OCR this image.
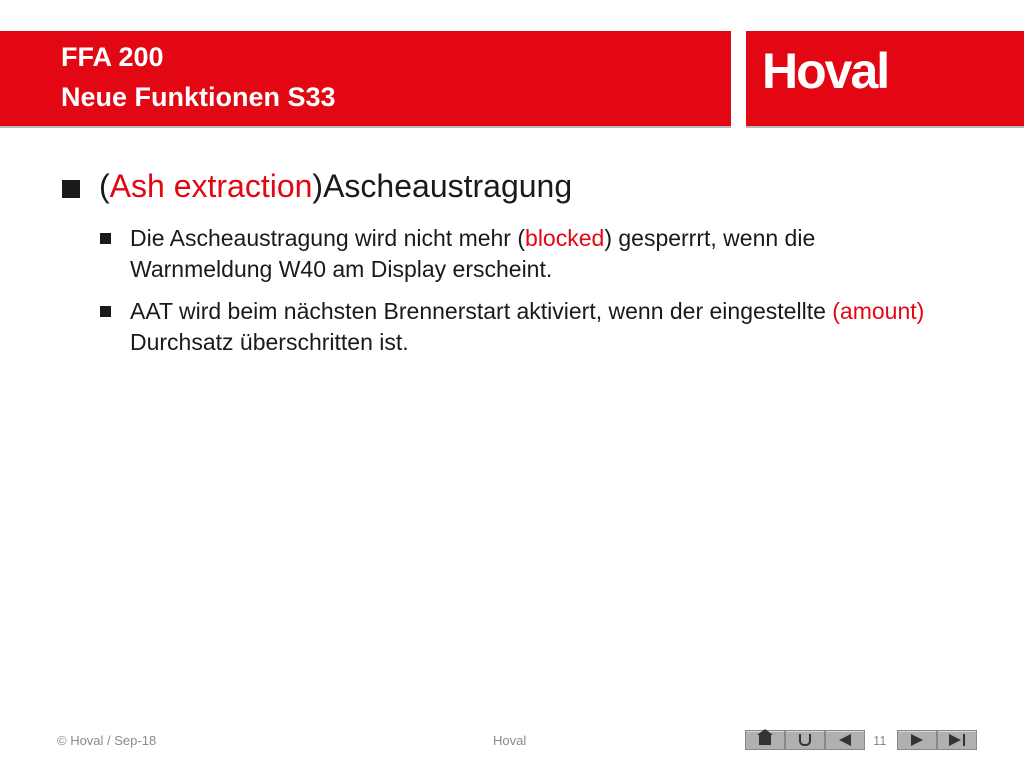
FFA 200
Neue Funktionen S33	Hoval
(Ash extraction)Ascheaustragung
Die Ascheaustragung wird nicht mehr (blocked) gesperrrt, wenn die Warnmeldung W40 am Display erscheint.
AAT wird beim nächsten Brennerstart aktiviert, wenn der eingestellte (amount) Durchsatz überschritten ist.
© Hoval / Sep-18	Hoval	11
